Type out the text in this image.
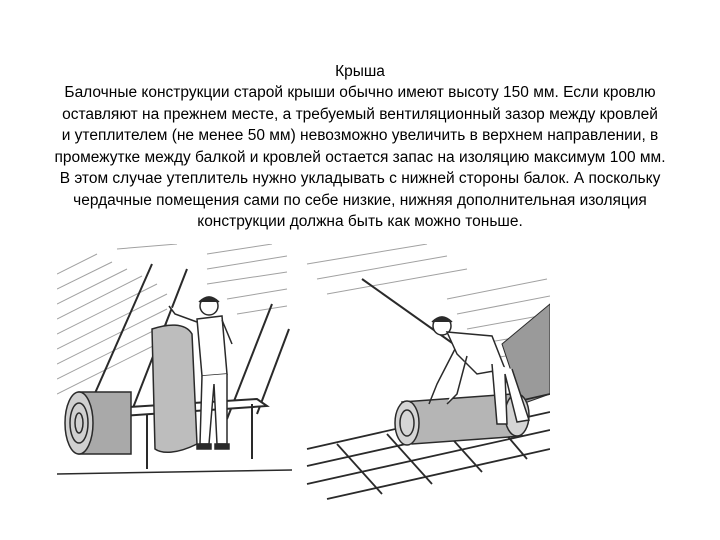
Крыша
Балочные конструкции старой крыши обычно имеют высоту 150 мм. Если кровлю
оставляют на прежнем месте, а требуемый вентиляционный зазор между кровлей
и утеплителем (не менее 50 мм) невозможно увеличить в верхнем направлении, в
промежутке между балкой и кровлей остается запас на изоляцию максимум 100 мм.
В этом случае утеплитель нужно укладывать с нижней стороны балок. А поскольку
чердачные помещения сами по себе низкие, нижняя дополнительная изоляция
конструкции должна быть как можно тоньше.
